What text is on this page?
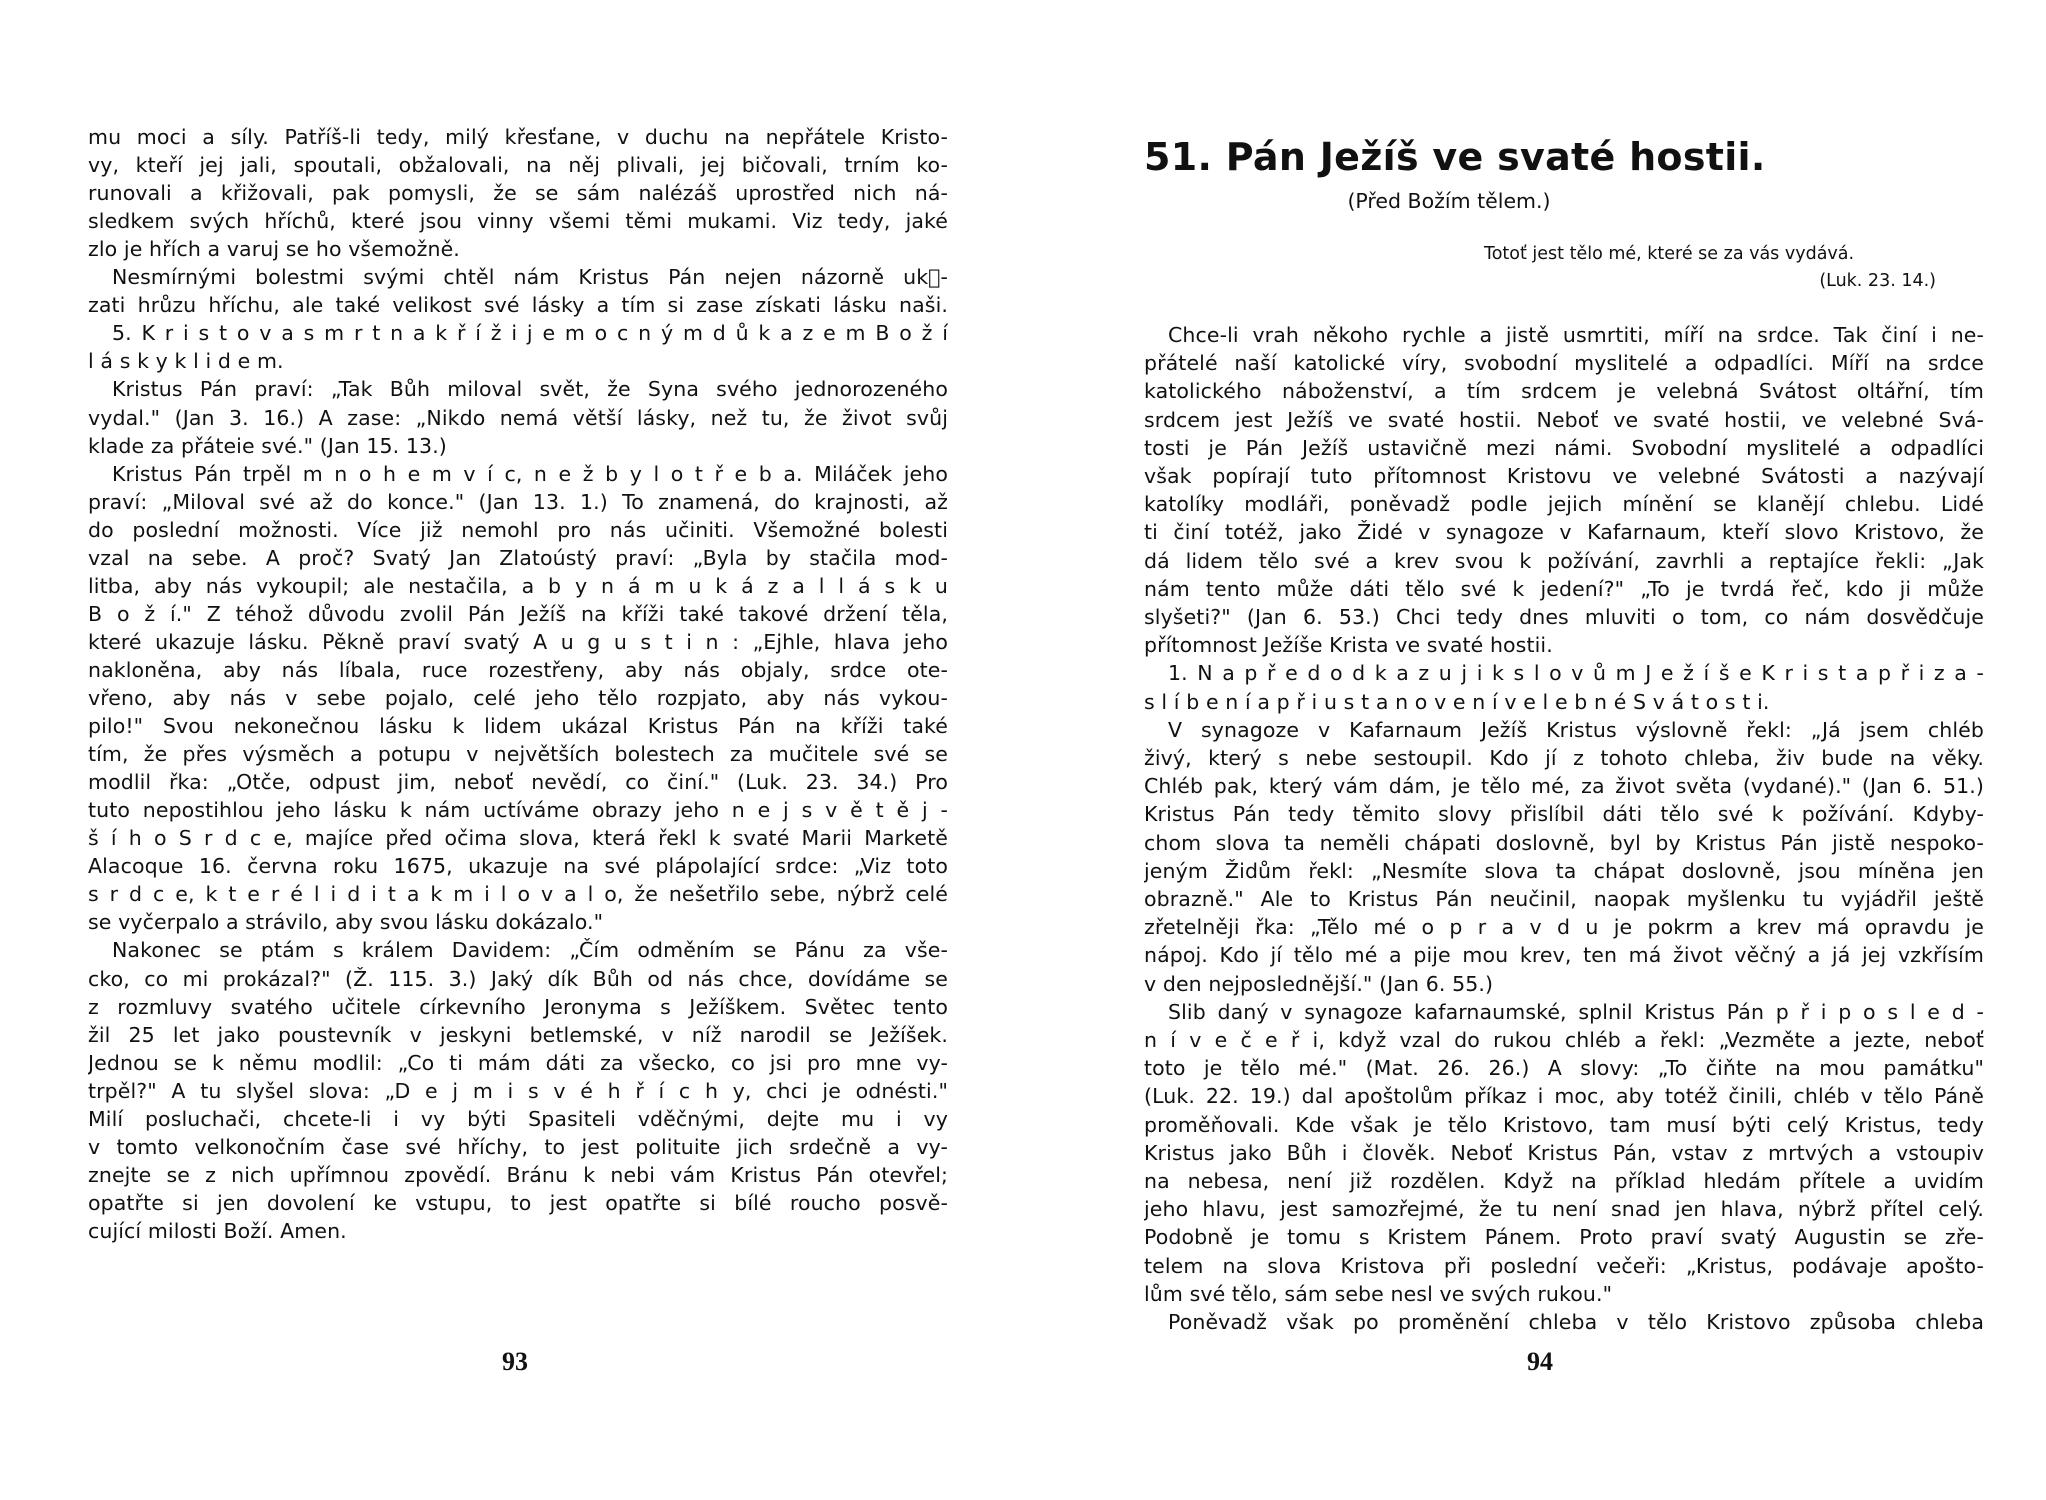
mu moci a síly. Patříš-li tedy, milý křesťane, v duchu na nepřátele Kristo-
vy, kteří jej jali, spoutali, obžalovali, na něj plivali, jej bičovali, trním ko-
runovali a křižovali, pak pomysli, že se sám nalézáš uprostřed nich ná-
sledkem svých hříchů, které jsou vinny všemi těmi mukami. Viz tedy, jaké
zlo je hřích a varuj se ho všemožně.
Nesmírnými bolestmi svými chtěl nám Kristus Pán nejen názorně ukᷳ-
zati hrůzu hříchu, ale také velikost své lásky a tím si zase získati lásku naši.
5. K r i s t o v a s m r t n a k ř í ž i j e m o c n ý m d ů k a z e m B o ž í
l á s k y k l i d e m.
Kristus Pán praví: „Tak Bůh miloval svět, že Syna svého jednorozeného
vydal." (Jan 3. 16.) A zase: „Nikdo nemá větší lásky, než tu, že život svůj
klade za přáteie své." (Jan 15. 13.)
Kristus Pán trpěl m n o h e m v í c, n e ž b y l o t ř e b a. Miláček jeho
praví: „Miloval své až do konce." (Jan 13. 1.) To znamená, do krajnosti, až
do poslední možnosti. Více již nemohl pro nás učiniti. Všemožné bolesti
vzal na sebe. A proč? Svatý Jan Zlatoústý praví: „Byla by stačila mod-
litba, aby nás vykoupil; ale nestačila, a b y n á m u k á z a l l á s k u
B o ž í." Z téhož důvodu zvolil Pán Ježíš na kříži také takové držení těla,
které ukazuje lásku. Pěkně praví svatý A u g u s t i n : „Ejhle, hlava jeho
nakloněna, aby nás líbala, ruce rozestřeny, aby nás objaly, srdce ote-
vřeno, aby nás v sebe pojalo, celé jeho tělo rozpjato, aby nás vykou-
pilo!" Svou nekonečnou lásku k lidem ukázal Kristus Pán na kříži také
tím, že přes výsměch a potupu v největších bolestech za mučitele své se
modlil řka: „Otče, odpust jim, neboť nevědí, co činí." (Luk. 23. 34.) Pro
tuto nepostihlou jeho lásku k nám uctíváme obrazy jeho n e j s v ě t ě j -
š í h o S r d c e, majíce před očima slova, která řekl k svaté Marii Marketě
Alacoque 16. června roku 1675, ukazuje na své plápolající srdce: „Viz toto
s r d c e, k t e r é l i d i t a k m i l o v a l o, že nešetřilo sebe, nýbrž celé
se vyčerpalo a strávilo, aby svou lásku dokázalo."
Nakonec se ptám s králem Davidem: „Čím odměním se Pánu za vše-
cko, co mi prokázal?" (Ž. 115. 3.) Jaký dík Bůh od nás chce, dovídáme se
z rozmluvy svatého učitele církevního Jeronyma s Ježíškem. Světec tento
žil 25 let jako poustevník v jeskyni betlemské, v níž narodil se Ježíšek.
Jednou se k němu modlil: „Co ti mám dáti za všecko, co jsi pro mne vy-
trpěl?" A tu slyšel slova: „D e j m i s v é h ř í c h y, chci je odnésti."
Milí posluchači, chcete-li i vy býti Spasiteli vděčnými, dejte mu i vy
v tomto velkonočním čase své hříchy, to jest polituite jich srdečně a vy-
znejte se z nich upřímnou zpovědí. Bránu k nebi vám Kristus Pán otevřel;
opatřte si jen dovolení ke vstupu, to jest opatřte si bílé roucho posvě-
cující milosti Boží. Amen.
93
51. Pán Ježíš ve svaté hostii.
(Před Božím tělem.)
Totoť jest tělo mé, které se za vás vydává.
(Luk. 23. 14.)
Chce-li vrah někoho rychle a jistě usmrtiti, míří na srdce. Tak činí i ne-
přátelé naší katolické víry, svobodní myslitelé a odpadlíci. Míří na srdce
katolického náboženství, a tím srdcem je velebná Svátost oltářní, tím
srdcem jest Ježíš ve svaté hostii. Neboť ve svaté hostii, ve velebné Svá-
tosti je Pán Ježíš ustavičně mezi námi. Svobodní myslitelé a odpadlíci
však popírají tuto přítomnost Kristovu ve velebné Svátosti a nazývají
katolíky modláři, poněvadž podle jejich mínění se klanějí chlebu. Lidé
ti činí totéž, jako Židé v synagoze v Kafarnaum, kteří slovo Kristovo, že
dá lidem tělo své a krev svou k požívání, zavrhli a reptajíce řekli: „Jak
nám tento může dáti tělo své k jedení?" „To je tvrdá řeč, kdo ji může
slyšeti?" (Jan 6. 53.) Chci tedy dnes mluviti o tom, co nám dosvědčuje
přítomnost Ježíše Krista ve svaté hostii.
1. N a p ř e d o d k a z u j i k s l o v ů m J e ž í š e K r i s t a p ř i z a -
s l í b e n í a p ř i u s t a n o v e n í v e l e b n é S v á t o s t i.
V synagoze v Kafarnaum Ježíš Kristus výslovně řekl: „Já jsem chléb
živý, který s nebe sestoupil. Kdo jí z tohoto chleba, živ bude na věky.
Chléb pak, který vám dám, je tělo mé, za život světa (vydané)." (Jan 6. 51.)
Kristus Pán tedy těmito slovy přislíbil dáti tělo své k požívání. Kdyby-
chom slova ta neměli chápati doslovně, byl by Kristus Pán jistě nespoko-
jeným Židům řekl: „Nesmíte slova ta chápat doslovně, jsou míněna jen
obrazně." Ale to Kristus Pán neučinil, naopak myšlenku tu vyjádřil ještě
zřetelněji řka: „Tělo mé o p r a v d u je pokrm a krev má opravdu je
nápoj. Kdo jí tělo mé a pije mou krev, ten má život věčný a já jej vzkřísím
v den nejposlednější." (Jan 6. 55.)
Slib daný v synagoze kafarnaumské, splnil Kristus Pán p ř i p o s l e d -
n í v e č e ř i, když vzal do rukou chléb a řekl: „Vezměte a jezte, neboť
toto je tělo mé." (Mat. 26. 26.) A slovy: „To čiňte na mou památku"
(Luk. 22. 19.) dal apoštolům příkaz i moc, aby totéž činili, chléb v tělo Páně
proměňovali. Kde však je tělo Kristovo, tam musí býti celý Kristus, tedy
Kristus jako Bůh i člověk. Neboť Kristus Pán, vstav z mrtvých a vstoupiv
na nebesa, není již rozdělen. Když na příklad hledám přítele a uvidím
jeho hlavu, jest samozřejmé, že tu není snad jen hlava, nýbrž přítel celý.
Podobně je tomu s Kristem Pánem. Proto praví svatý Augustin se zře-
telem na slova Kristova při poslední večeři: „Kristus, podávaje apošto-
lům své tělo, sám sebe nesl ve svých rukou."
Poněvadž však po proměnění chleba v tělo Kristovo způsoba chleba
94
